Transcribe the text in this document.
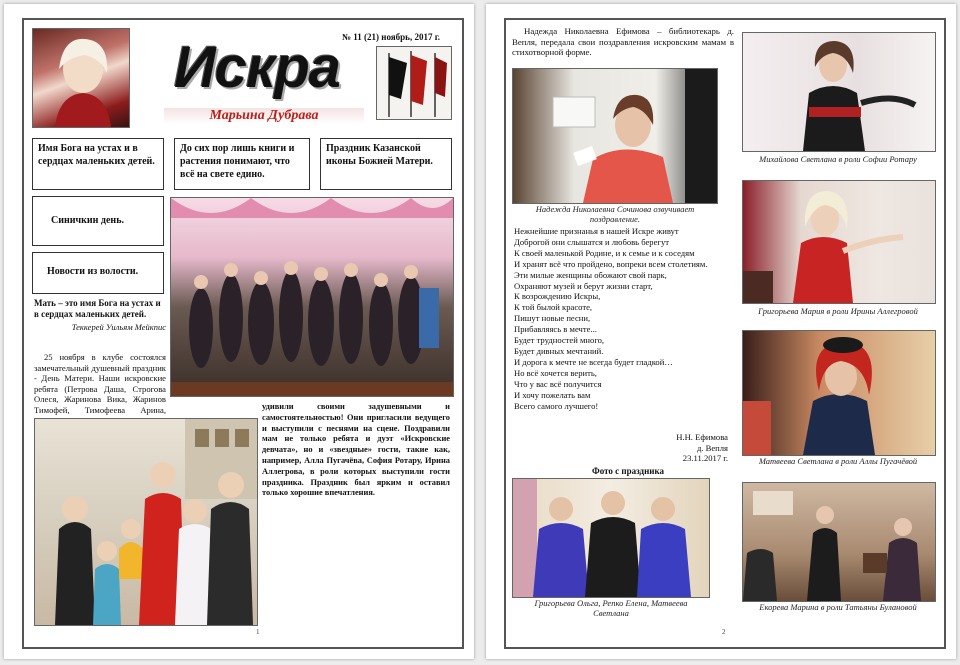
Искра
Марьина Дубрава
№ 11 (21) ноябрь, 2017 г.
Имя Бога на устах и в сердцах маленьких детей.
До сих пор лишь книги и растения понимают, что всё на свете едино.
Праздник Казанской иконы Божией Матери.
Синичкин день.
Новости из волости.
Мать – это имя Бога на устах и в сердцах маленьких детей.
Теккерей Уильям Мейкпис
25 ноября в клубе состоялся замечательный душевный праздник - День Матери. Наши искровские ребята (Петрова Даша, Строгова Олеся, Жаринова Вика, Жаринов Тимофей, Тимофеева Арина,	удивили своими задушевными и самостоятельностью! Они пригласили ведущего и выступили с песнями на сцене. Поздравили мам не только ребята и дуэт «Искровские девчата», но и «звездные» гости, такие как, например, Алла Пугачёва, София Ротару, Ирина Аллегрова, в роли которых выступили гости праздника. Праздник был ярким и оставил только хорошие впечатления.
1
Надежда Николаевна Ефимова – библиотекарь д. Вепля, передала свои поздравления искровским мамам в стихотворной форме.
Надежда Николаевна Сочинова озвучивает поздравление.
Нежнейшие признанья в нашей Искре живут
Доброгой они слышатся и любовь берегут
К своей маленькой Родине, и к семье и к соседям
И хранят всё что пройдено, вопреки всем столетиям.
Эти милые женщины обожают свой парк,
Охраняют музей и берут жизни старт,
К возрождению Искры,
К той былой красоте,
Пишут новые песни,
Прибавляясь в мечте...
Будет трудностей много,
Будет дивных мечтаний.
И дорога к мечте не всегда будет гладкой…
Но всё хочется верить,
Что у вас всё получится
И хочу пожелать вам
Всего самого лучшего!
Н.Н. Ефимова
д. Вепля
23.11.2017 г.
Фото с праздника
Григорьева Ольга, Репко Елена, Матвеева Светлана
Михайлова Светлана в роли Софии Ротару
Григорьева Мария в роли Ирины Аллегровой
Матвеева Светлана в роли Аллы Пугачёвой
Екорева Марина в роли Татьяны Булановой
2
